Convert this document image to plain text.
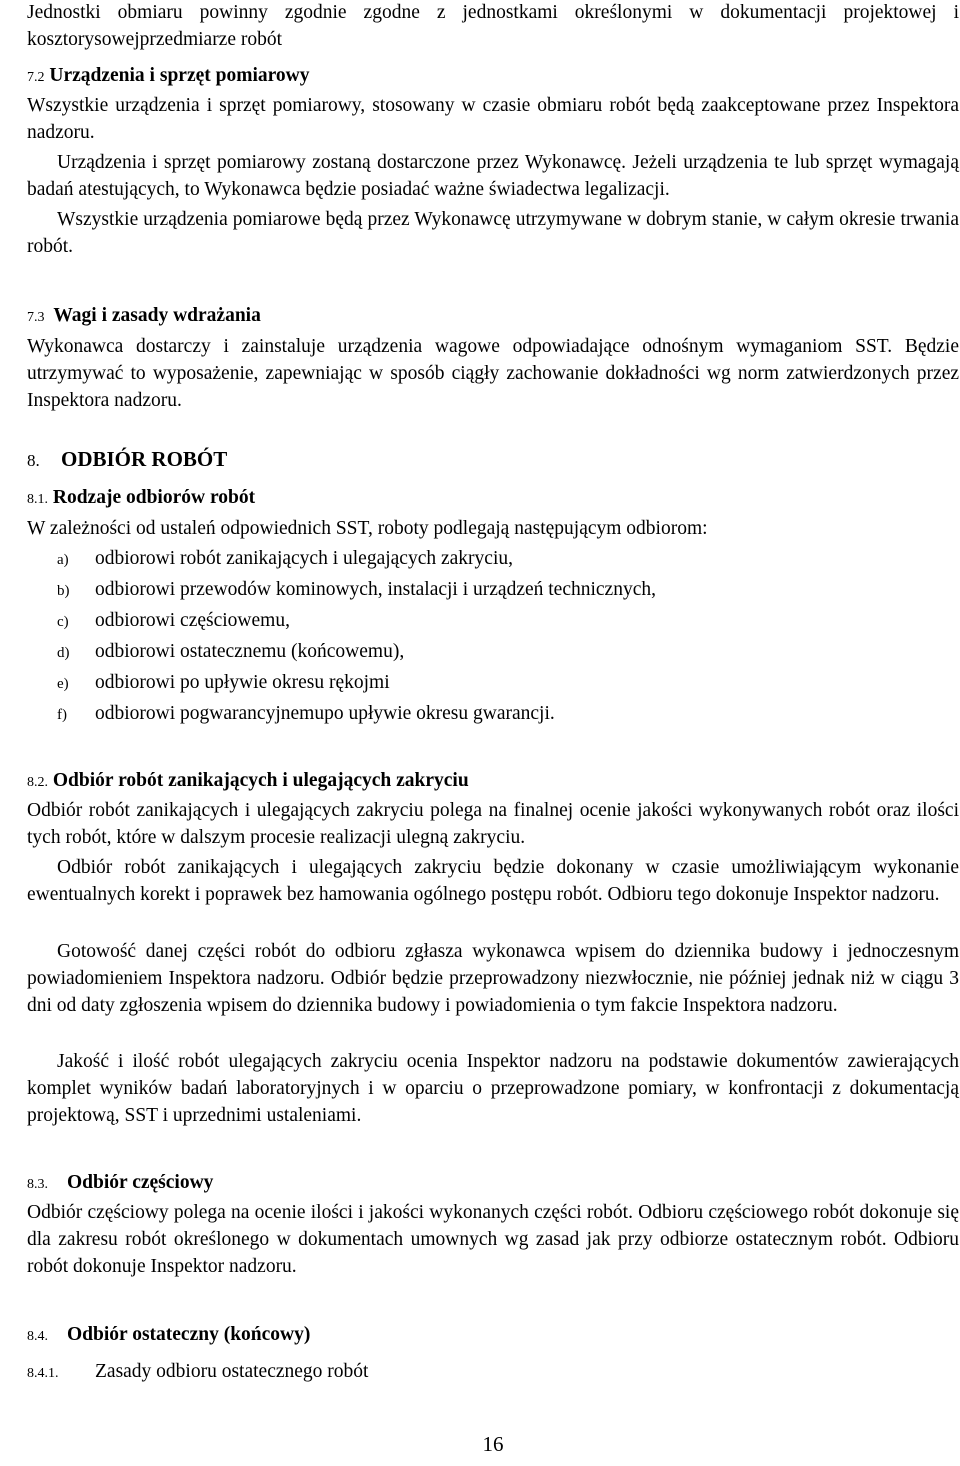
Jednostki obmiaru powinny zgodnie zgodne z jednostkami określonymi w dokumentacji projektowej i kosztorysowejprzedmiarze robót
7.2 Urządzenia i sprzęt pomiarowy
Wszystkie urządzenia i sprzęt pomiarowy, stosowany w czasie obmiaru robót będą zaakceptowane przez Inspektora nadzoru.
Urządzenia i sprzęt pomiarowy zostaną dostarczone przez Wykonawcę. Jeżeli urządzenia te lub sprzęt wymagają badań atestujących, to Wykonawca będzie posiadać ważne świadectwa legalizacji.
Wszystkie urządzenia pomiarowe będą przez Wykonawcę utrzymywane w dobrym stanie, w całym okresie trwania robót.
7.3 Wagi i zasady wdrażania
Wykonawca dostarczy i zainstaluje urządzenia wagowe odpowiadające odnośnym wymaganiom SST. Będzie utrzymywać to wyposażenie, zapewniając w sposób ciągły zachowanie dokładności wg norm zatwierdzonych przez Inspektora nadzoru.
8. ODBIÓR ROBÓT
8.1. Rodzaje odbiorów robót
W zależności od ustaleń odpowiednich SST, roboty podlegają następującym odbiorom:
a) odbiorowi robót zanikających i ulegających zakryciu,
b) odbiorowi przewodów kominowych, instalacji i urządzeń technicznych,
c) odbiorowi częściowemu,
d) odbiorowi ostatecznemu (końcowemu),
e) odbiorowi po upływie okresu rękojmi
f) odbiorowi pogwarancyjnemupo upływie okresu gwarancji.
8.2. Odbiór robót zanikających i ulegających zakryciu
Odbiór robót zanikających i ulegających zakryciu polega na finalnej ocenie jakości wykonywanych robót oraz ilości tych robót, które w dalszym procesie realizacji ulegną zakryciu.
Odbiór robót zanikających i ulegających zakryciu będzie dokonany w czasie umożliwiającym wykonanie ewentualnych korekt i poprawek bez hamowania ogólnego postępu robót. Odbioru tego dokonuje Inspektor nadzoru.
Gotowość danej części robót do odbioru zgłasza wykonawca wpisem do dziennika budowy i jednoczesnym powiadomieniem Inspektora nadzoru. Odbiór będzie przeprowadzony niezwłocznie, nie później jednak niż w ciągu 3 dni od daty zgłoszenia wpisem do dziennika budowy i powiadomienia o tym fakcie Inspektora nadzoru.
Jakość i ilość robót ulegających zakryciu ocenia Inspektor nadzoru na podstawie dokumentów zawierających komplet wyników badań laboratoryjnych i w oparciu o przeprowadzone pomiary, w konfrontacji z dokumentacją projektową, SST i uprzednimi ustaleniami.
8.3. Odbiór częściowy
Odbiór częściowy polega na ocenie ilości i jakości wykonanych części robót. Odbioru częściowego robót dokonuje się dla zakresu robót określonego w dokumentach umownych wg zasad jak przy odbiorze ostatecznym robót. Odbioru robót dokonuje Inspektor nadzoru.
8.4. Odbiór ostateczny (końcowy)
8.4.1. Zasady odbioru ostatecznego robót
16
